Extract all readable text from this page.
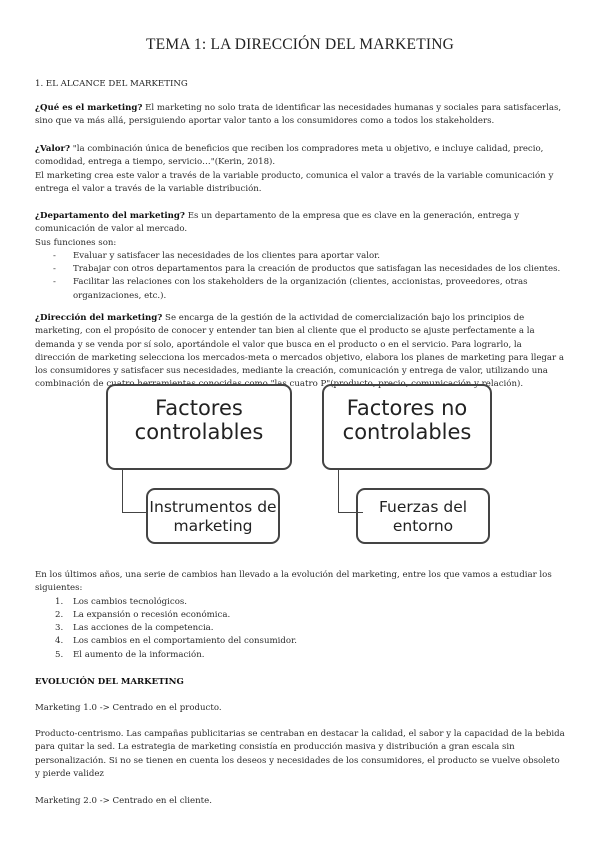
TEMA 1: LA DIRECCIÓN DEL MARKETING
1. EL ALCANCE DEL MARKETING
¿Qué es el marketing? El marketing no solo trata de identificar las necesidades humanas y sociales para satisfacerlas, sino que va más allá, persiguiendo aportar valor tanto a los consumidores como a todos los stakeholders.
¿Valor? "la combinación única de beneficios que reciben los compradores meta u objetivo, e incluye calidad, precio, comodidad, entrega a tiempo, servicio…"(Kerin, 2018).
El marketing crea este valor a través de la variable producto, comunica el valor a través de la variable comunicación y entrega el valor a través de la variable distribución.
¿Departamento del marketing? Es un departamento de la empresa que es clave en la generación, entrega y comunicación de valor al mercado.
Sus funciones son:
- Evaluar y satisfacer las necesidades de los clientes para aportar valor.
- Trabajar con otros departamentos para la creación de productos que satisfagan las necesidades de los clientes.
- Facilitar las relaciones con los stakeholders de la organización (clientes, accionistas, proveedores, otras organizaciones, etc.).
¿Dirección del marketing? Se encarga de la gestión de la actividad de comercialización bajo los principios de marketing, con el propósito de conocer y entender tan bien al cliente que el producto se ajuste perfectamente a la demanda y se venda por sí solo, aportándole el valor que busca en el producto o en el servicio. Para lograrlo, la dirección de marketing selecciona los mercados-meta o mercados objetivo, elabora los planes de marketing para llegar a los consumidores y satisfacer sus necesidades, mediante la creación, comunicación y entrega de valor, utilizando una combinación de cuatro herramientas conocidas como "las cuatro P"(producto, precio, comunicación y relación).
Factores controlables
Instrumentos de marketing
Factores no controlables
Fuerzas del entorno
En los últimos años, una serie de cambios han llevado a la evolución del marketing, entre los que vamos a estudiar los siguientes:
1. Los cambios tecnológicos.
2. La expansión o recesión económica.
3. Las acciones de la competencia.
4. Los cambios en el comportamiento del consumidor.
5. El aumento de la información.
EVOLUCIÓN DEL MARKETING
Marketing 1.0 -> Centrado en el producto.
Producto-centrismo. Las campañas publicitarias se centraban en destacar la calidad, el sabor y la capacidad de la bebida para quitar la sed. La estrategia de marketing consistía en producción masiva y distribución a gran escala sin personalización. Si no se tienen en cuenta los deseos y necesidades de los consumidores, el producto se vuelve obsoleto y pierde validez
Marketing 2.0 -> Centrado en el cliente.
